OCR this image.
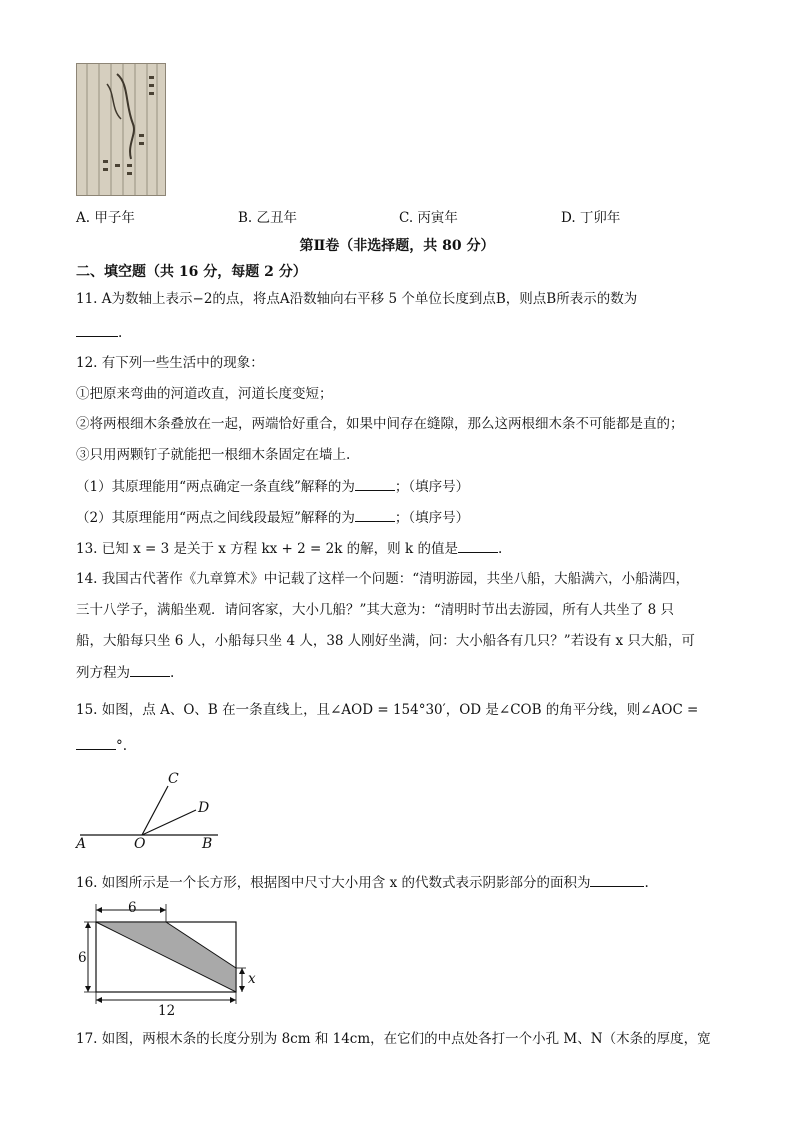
A. 甲子年	B. 乙丑年	C. 丙寅年	D. 丁卯年
第Ⅱ卷（非选择题，共 80 分）
二、填空题（共 16 分，每题 2 分）
11. A为数轴上表示−2的点，将点A沿数轴向右平移 5 个单位长度到点B，则点B所表示的数为
.
12. 有下列一些生活中的现象：
①把原来弯曲的河道改直，河道长度变短；
②将两根细木条叠放在一起，两端恰好重合，如果中间存在缝隙，那么这两根细木条不可能都是直的；
③只用两颗钉子就能把一根细木条固定在墙上.
（1）其原理能用“两点确定一条直线”解释的为	；（填序号）
（2）其原理能用“两点之间线段最短”解释的为	；（填序号）
13. 已知 x = 3 是关于 x 方程 kx + 2 = 2k 的解，则 k 的值是	.
14. 我国古代著作《九章算术》中记载了这样一个问题：“清明游园，共坐八船，大船满六，小船满四，
三十八学子，满船坐观．请问客家，大小几船？”其大意为：“清明时节出去游园，所有人共坐了 8 只
船，大船每只坐 6 人，小船每只坐 4 人，38 人刚好坐满，问：大小船各有几只？”若设有 x 只大船，可
列方程为	.
15. 如图，点 A、O、B 在一条直线上，且∠AOD = 154°30′，OD 是∠COB 的角平分线，则∠AOC =
°.
C
D
A	O	B
16. 如图所示是一个长方形，根据图中尺寸大小用含 x 的代数式表示阴影部分的面积为	.
6
6
12
x
17. 如图，两根木条的长度分别为 8cm 和 14cm，在它们的中点处各打一个小孔 M、N（木条的厚度，宽
